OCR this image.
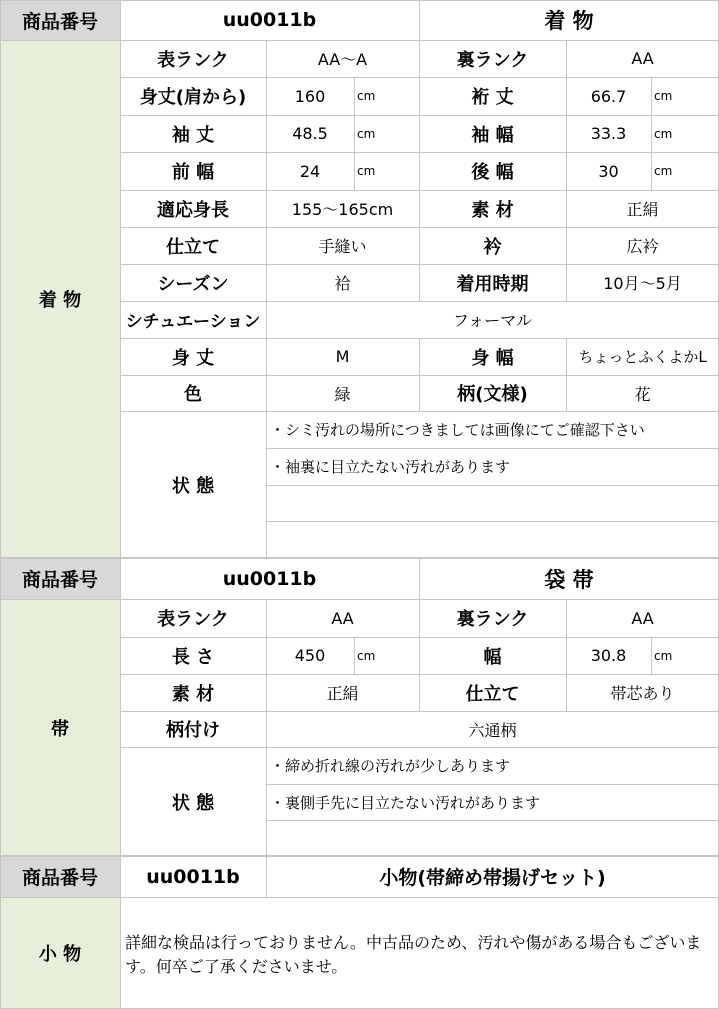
商品番号	uu0011b	着 物
着 物
表ランク	AA～A	裏ランク	AA
身丈(肩から)	160	cm	裄 丈	66.7	cm
袖 丈	48.5	cm	袖 幅	33.3	cm
前 幅	24	cm	後 幅	30	cm
適応身長	155～165cm	素 材	正絹
仕立て	手縫い	衿	広衿
シーズン	袷	着用時期	10月～5月
シチュエーション	フォーマル
身 丈	M	身 幅	ちょっとふくよかL
色	緑	柄(文様)	花
状 態
・シミ汚れの場所につきましては画像にてご確認下さい
・袖裏に目立たない汚れがあります
商品番号	uu0011b	袋 帯
帯
表ランク	AA	裏ランク	AA
長 さ	450	cm	幅	30.8	cm
素 材	正絹	仕立て	帯芯あり
柄付け	六通柄
状 態
・締め折れ線の汚れが少しあります
・裏側手先に目立たない汚れがあります
商品番号	uu0011b	小物(帯締め帯揚げセット)
小 物
詳細な検品は行っておりません。中古品のため、汚れや傷がある場合もございます。何卒ご了承くださいませ。
